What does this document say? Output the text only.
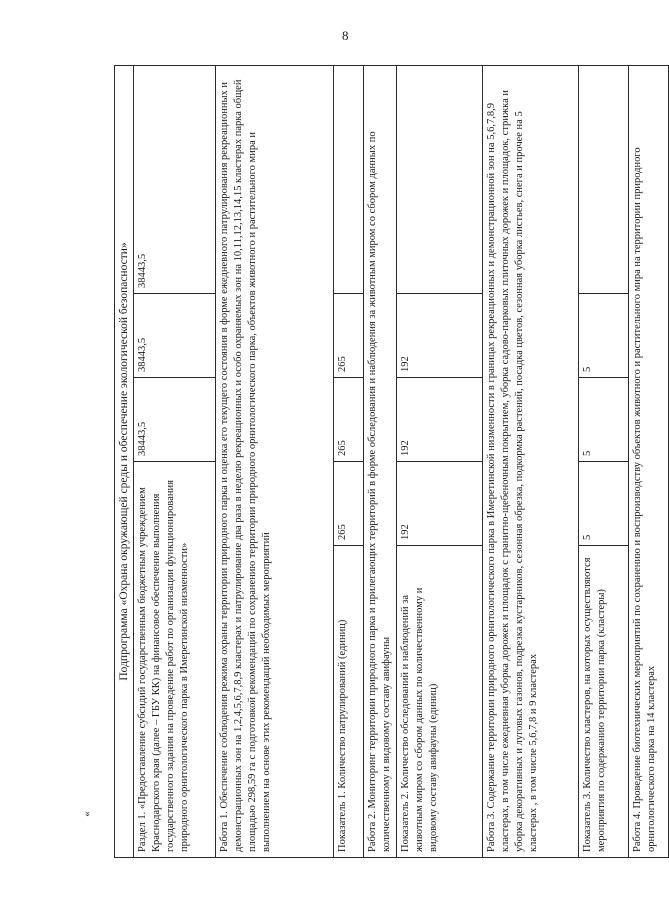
8
«
Подпрограмма «Охрана окружающей среды и обеспечение экологической безопасности»				
Раздел 1. «Предоставление субсидий государственным бюджетным учреждением Краснодарского края (далее – ГБУ КК) на финансовое обеспечение выполнения государственного задания на проведение работ по организации функционирования природного орнитологического парка в Имеретинской низменности»		38443,5	38443,5	38443,5
Работа 1. Обеспечение соблюдения режима охраны территории природного парка и оценка его текущего состояния в форме ежедневного патрулирования рекреационных и демонстрационных зон на 1,2,4,5,6,7,8,9 кластерах и патрулирование два раза в неделю рекреационных и особо охраняемых зон на 10,11,12,13,14,15 кластерах парка общей площадью 298,59 га с подготовкой рекомендаций по сохранению территории природного орнитологического парка, объектов животного и растительного мира и выполнением на основе этих рекомендаций необходимых мероприятий				
Показатель 1. Количество патрулирований (единиц)	265	265	265	
Работа 2. Мониторинг территории природного парка и прилегающих территорий в форме обследования и наблюдения за животным миром со сбором данных по количественному и видовому составу авифауны				
Показатель 2. Количество обследований и наблюдений за животным миром со сбором данных по количественному и видовому составу авифауны (единиц)	192	192	192	
Работа 3. Содержание территории природного орнитологического парка в Имеретинской низменности в границах рекреационных и демонстрационной зон на 5,6,7,8,9 кластерах, в том числе ежедневная уборка дорожек и площадок с гранитно-щебеночным покрытием, уборка садово-парковых плиточных дорожек и площадок, стрижка и уборка декоративных и луговых газонов, подрезка кустарников, сезонная обрезка, подкормка растений, посадка цветов, сезонная уборка листьев, снега и прочее на 5 кластерах , в том числе 5,6,7,8 и 9 кластерах				
Показатель 3. Количество кластеров, на которых осуществляются мероприятия по содержанию территории парка (кластеры)	5	5	5	
Работа 4. Проведение биотехнических мероприятий по сохранению и воспроизводству объектов животного и растительного мира на территории природного орнитологического парка на 14 кластерах				
